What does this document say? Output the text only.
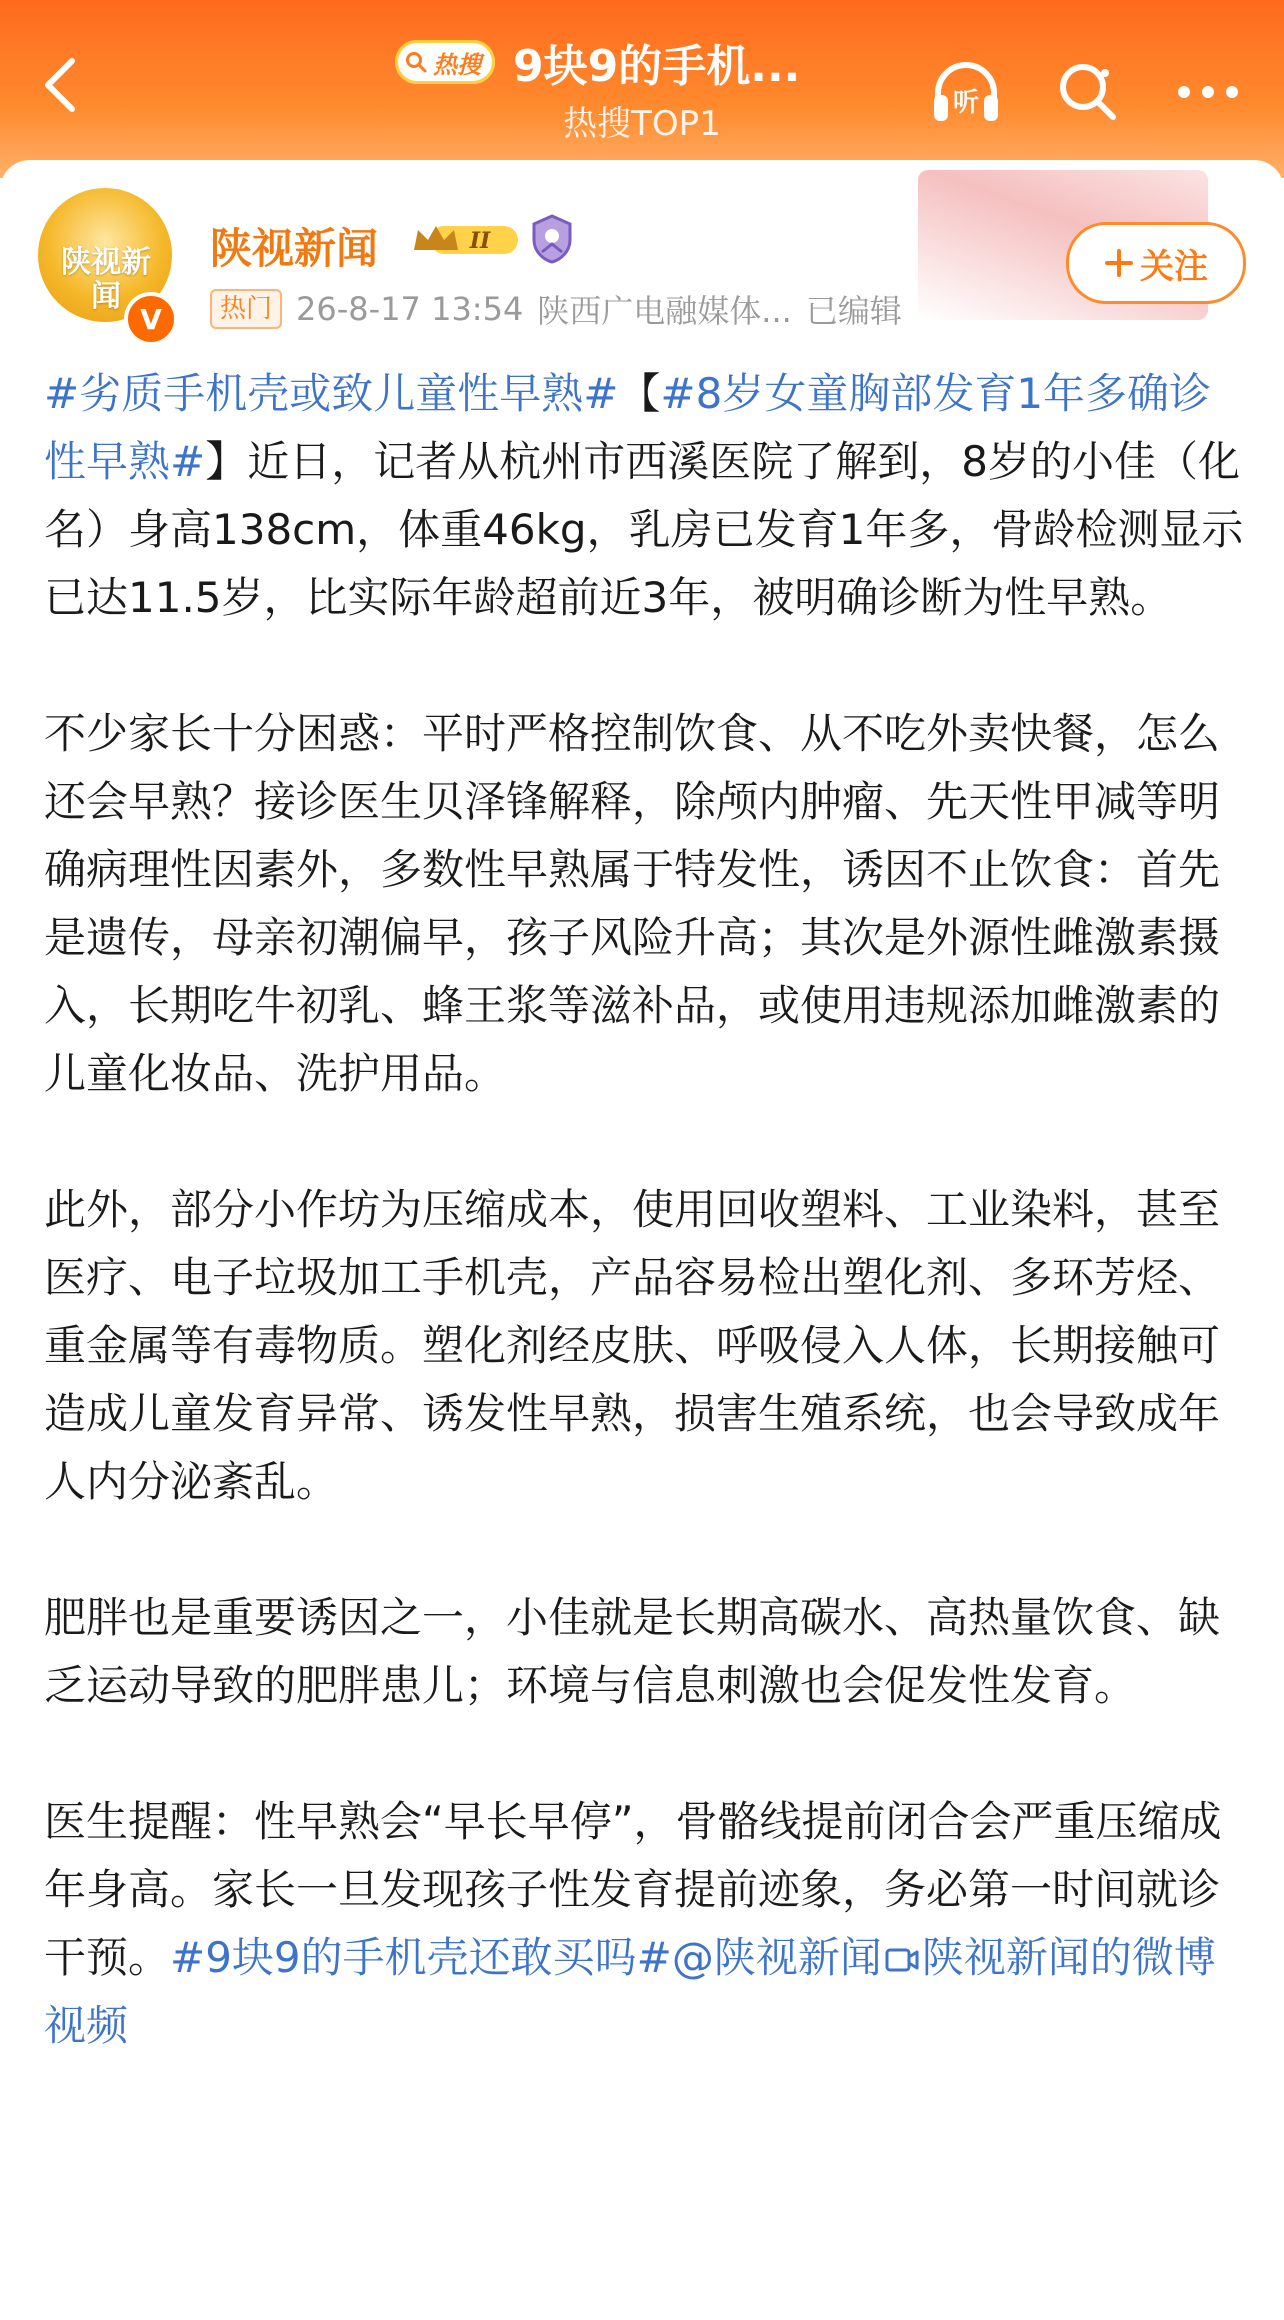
热搜 9块9的手机...
热搜TOP1
听
陕视新闻
V
陕视新闻	II
热门 26-8-17 13:54 陕西广电融媒体... 已编辑
关注

#劣质手机壳或致儿童性早熟#【#8岁女童胸部发育1年多确诊性早熟#】近日，记者从杭州市西溪医院了解到，8岁的小佳（化名）身高138cm，体重46kg，乳房已发育1年多，骨龄检测显示已达11.5岁，比实际年龄超前近3年，被明确诊断为性早熟。

不少家长十分困惑：平时严格控制饮食、从不吃外卖快餐，怎么还会早熟？接诊医生贝泽锋解释，除颅内肿瘤、先天性甲减等明确病理性因素外，多数性早熟属于特发性，诱因不止饮食：首先是遗传，母亲初潮偏早，孩子风险升高；其次是外源性雌激素摄入，长期吃牛初乳、蜂王浆等滋补品，或使用违规添加雌激素的儿童化妆品、洗护用品。

此外，部分小作坊为压缩成本，使用回收塑料、工业染料，甚至医疗、电子垃圾加工手机壳，产品容易检出塑化剂、多环芳烃、重金属等有毒物质。塑化剂经皮肤、呼吸侵入人体，长期接触可造成儿童发育异常、诱发性早熟，损害生殖系统，也会导致成年人内分泌紊乱。

肥胖也是重要诱因之一，小佳就是长期高碳水、高热量饮食、缺乏运动导致的肥胖患儿；环境与信息刺激也会促发性发育。

医生提醒：性早熟会“早长早停”，骨骼线提前闭合会严重压缩成年身高。家长一旦发现孩子性发育提前迹象，务必第一时间就诊干预。#9块9的手机壳还敢买吗#@陕视新闻 陕视新闻的微博视频
